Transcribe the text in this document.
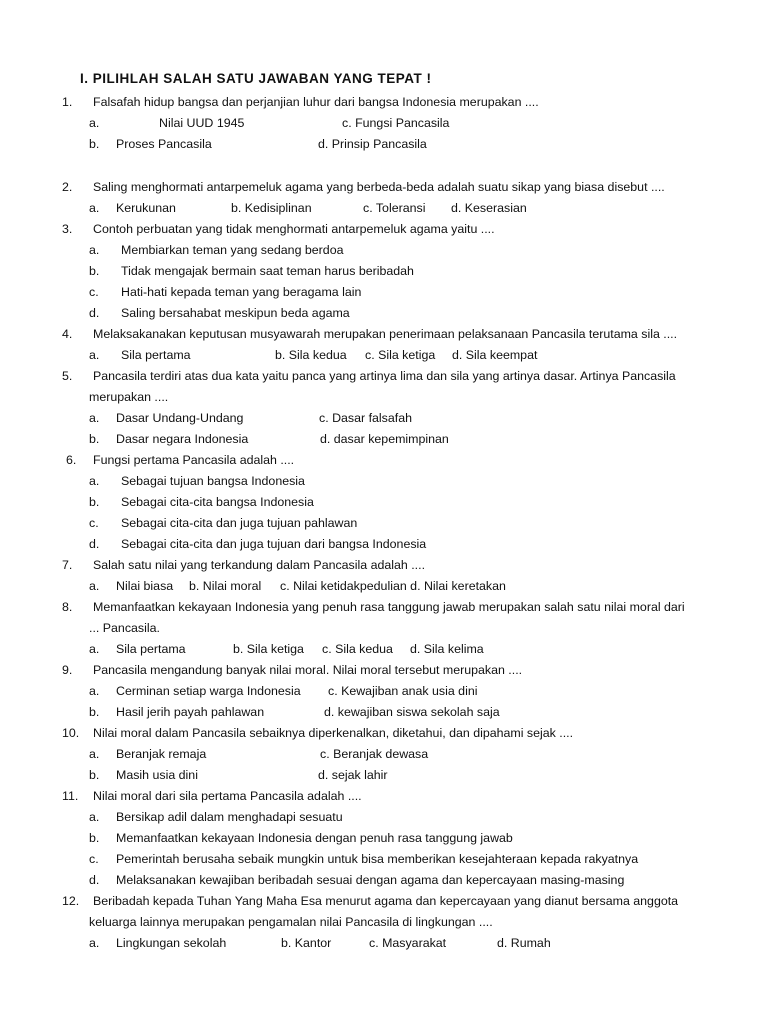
I. PILIHLAH SALAH SATU JAWABAN YANG TEPAT !
1. Falsafah hidup bangsa dan perjanjian luhur dari bangsa Indonesia merupakan ....
a.	Nilai UUD 1945	c. Fungsi Pancasila
b. Proses Pancasila	d. Prinsip Pancasila
2. Saling menghormati antarpemeluk agama yang berbeda-beda adalah suatu sikap yang biasa disebut ....
a. Kerukunan	b. Kedisiplinan	c. Toleransi d. Keserasian
3. Contoh perbuatan yang tidak menghormati antarpemeluk agama yaitu ....
a. Membiarkan teman yang sedang berdoa
b. Tidak mengajak bermain saat teman harus beribadah
c. Hati-hati kepada teman yang beragama lain
d. Saling bersahabat meskipun beda agama
4. Melaksakanakan keputusan musyawarah merupakan penerimaan pelaksanaan Pancasila terutama sila ....
a. Sila pertama	b. Sila kedua c. Sila ketiga d. Sila keempat
5. Pancasila terdiri atas dua kata yaitu panca yang artinya lima dan sila yang artinya dasar. Artinya Pancasila
merupakan ....
a. Dasar Undang-Undang	c. Dasar falsafah
b. Dasar negara Indonesia	d. dasar kepemimpinan
6. Fungsi pertama Pancasila adalah ....
a. Sebagai tujuan bangsa Indonesia
b. Sebagai cita-cita bangsa Indonesia
c. Sebagai cita-cita dan juga tujuan pahlawan
d. Sebagai cita-cita dan juga tujuan dari bangsa Indonesia
7. Salah satu nilai yang terkandung dalam Pancasila adalah ....
a. Nilai biasa b. Nilai moral c. Nilai ketidakpedulian d. Nilai keretakan
8. Memanfaatkan kekayaan Indonesia yang penuh rasa tanggung jawab merupakan salah satu nilai moral dari
... Pancasila.
a. Sila pertama	b. Sila ketiga c. Sila kedua d. Sila kelima
9. Pancasila mengandung banyak nilai moral. Nilai moral tersebut merupakan ....
a. Cerminan setiap warga Indonesia c. Kewajiban anak usia dini
b. Hasil jerih payah pahlawan	d. kewajiban siswa sekolah saja
10. Nilai moral dalam Pancasila sebaiknya diperkenalkan, diketahui, dan dipahami sejak ....
a. Beranjak remaja	c. Beranjak dewasa
b. Masih usia dini	d. sejak lahir
11. Nilai moral dari sila pertama Pancasila adalah ....
a. Bersikap adil dalam menghadapi sesuatu
b. Memanfaatkan kekayaan Indonesia dengan penuh rasa tanggung jawab
c. Pemerintah berusaha sebaik mungkin untuk bisa memberikan kesejahteraan kepada rakyatnya
d. Melaksanakan kewajiban beribadah sesuai dengan agama dan kepercayaan masing-masing
12. Beribadah kepada Tuhan Yang Maha Esa menurut agama dan kepercayaan yang dianut bersama anggota
keluarga lainnya merupakan pengamalan nilai Pancasila di lingkungan ....
a. Lingkungan sekolah	b. Kantor	c. Masyarakat	d. Rumah
